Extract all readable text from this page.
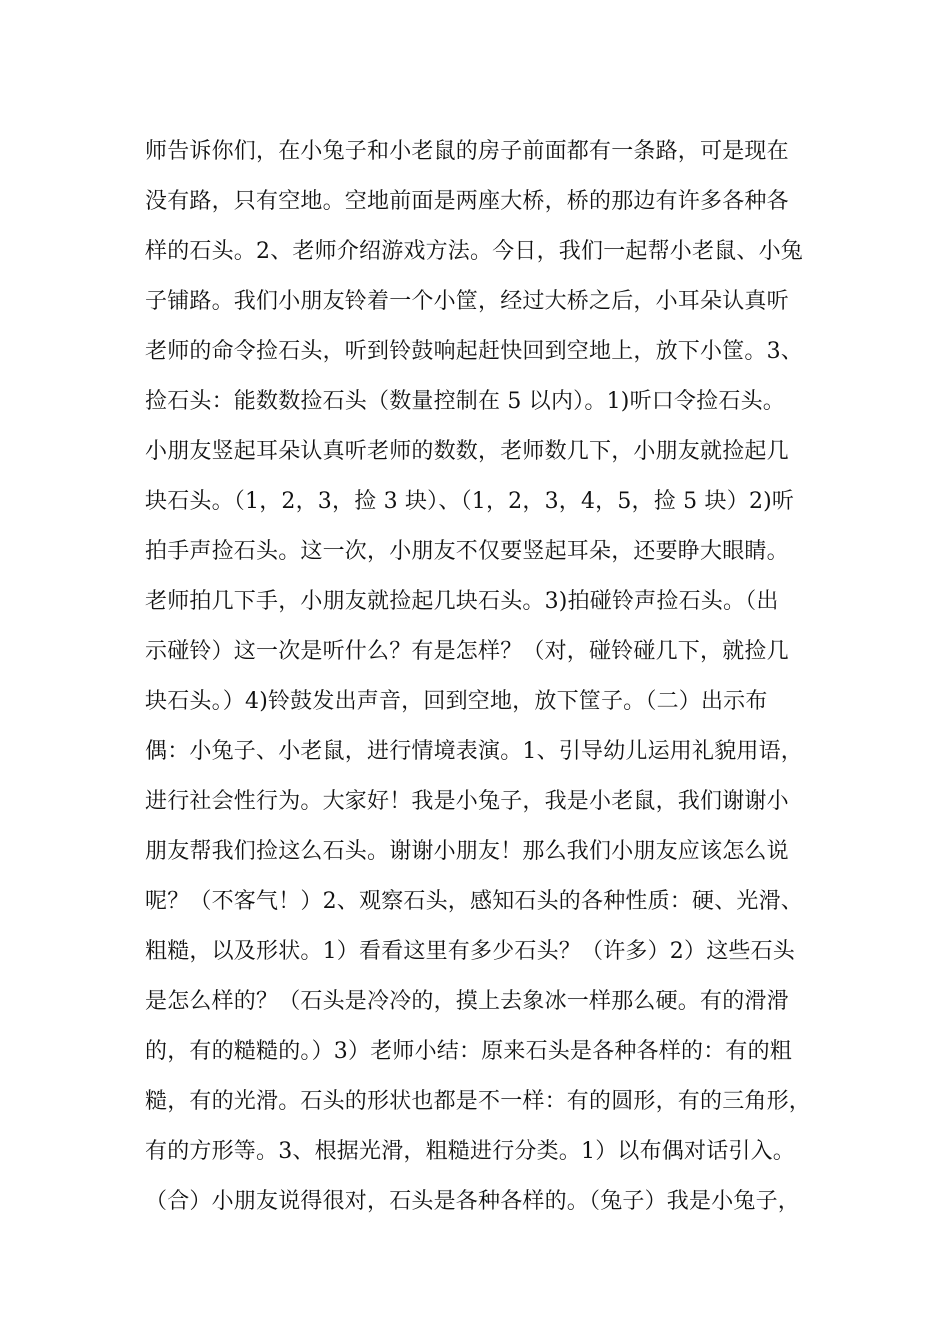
师告诉你们，在小兔子和小老鼠的房子前面都有一条路，可是现在
没有路，只有空地。空地前面是两座大桥，桥的那边有许多各种各
样的石头。2、老师介绍游戏方法。今日，我们一起帮小老鼠、小兔
子铺路。我们小朋友铃着一个小筐，经过大桥之后，小耳朵认真听
老师的命令捡石头，听到铃鼓响起赶快回到空地上，放下小筐。3、
捡石头：能数数捡石头（数量控制在 5 以内）。1)听口令捡石头。
小朋友竖起耳朵认真听老师的数数，老师数几下，小朋友就捡起几
块石头。（1，2，3，捡 3 块）、（1，2，3，4，5，捡 5 块）2)听
拍手声捡石头。这一次，小朋友不仅要竖起耳朵，还要睁大眼睛。
老师拍几下手，小朋友就捡起几块石头。3)拍碰铃声捡石头。（出
示碰铃）这一次是听什么？有是怎样？（对，碰铃碰几下，就捡几
块石头。）4)铃鼓发出声音，回到空地，放下筐子。（二）出示布
偶：小兔子、小老鼠，进行情境表演。1、引导幼儿运用礼貌用语，
进行社会性行为。大家好！我是小兔子，我是小老鼠，我们谢谢小
朋友帮我们捡这么石头。谢谢小朋友！那么我们小朋友应该怎么说
呢？（不客气！）2、观察石头，感知石头的各种性质：硬、光滑、
粗糙，以及形状。1）看看这里有多少石头？（许多）2）这些石头
是怎么样的？（石头是冷冷的，摸上去象冰一样那么硬。有的滑滑
的，有的糙糙的。）3）老师小结：原来石头是各种各样的：有的粗
糙，有的光滑。石头的形状也都是不一样：有的圆形，有的三角形，
有的方形等。3、根据光滑，粗糙进行分类。1）以布偶对话引入。
（合）小朋友说得很对，石头是各种各样的。（兔子）我是小兔子，
